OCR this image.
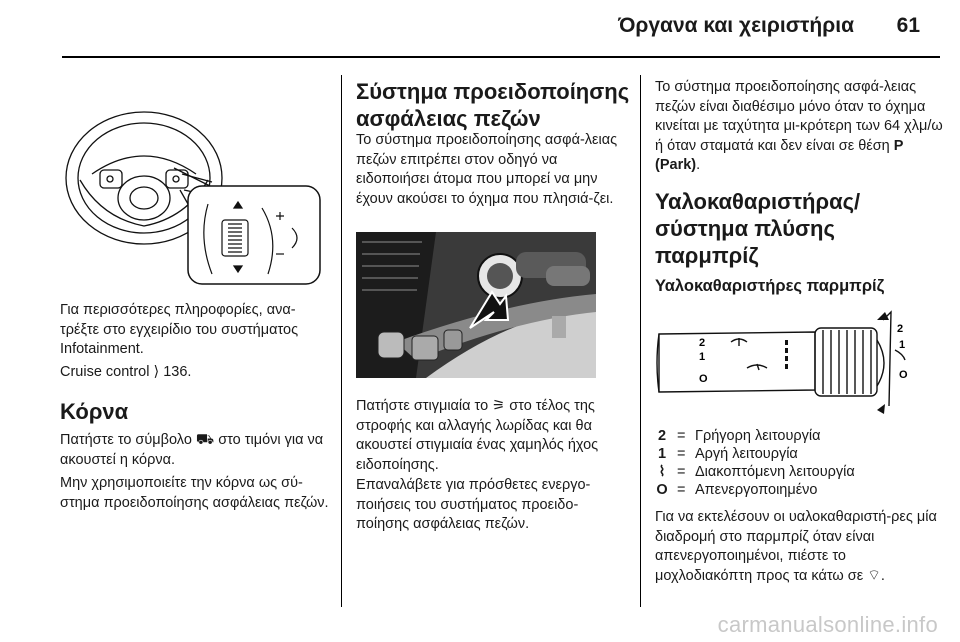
Όργανα και χειριστήρια 61

Για περισσότερες πληροφορίες, ανα-τρέξτε στο εγχειρίδιο του συστήματος Infotainment.

Cruise control ⟩ 136.

Κόρνα

Πατήστε το σύμβολο ⛟ στο τιμόνι για να ακουστεί η κόρνα.

Μην χρησιμοποιείτε την κόρνα ως σύ-στημα προειδοποίησης ασφάλειας πεζών.

Σύστημα προειδοποίησης ασφάλειας πεζών

Το σύστημα προειδοποίησης ασφά-λειας πεζών επιτρέπει στον οδηγό να ειδοποιήσει άτομα που μπορεί να μην έχουν ακούσει το όχημα που πλησιά-ζει.

Πατήστε στιγμιαία το ⚞ στο τέλος της στροφής και αλλαγής λωρίδας και θα ακουστεί στιγμιαία ένας χαμηλός ήχος ειδοποίησης.

Επαναλάβετε για πρόσθετες ενεργο-ποιήσεις του συστήματος προειδο-ποίησης ασφάλειας πεζών.

Το σύστημα προειδοποίησης ασφά-λειας πεζών είναι διαθέσιμο μόνο όταν το όχημα κινείται με ταχύτητα μι-κρότερη των 64 χλμ/ω ή όταν σταματά και δεν είναι σε θέση P (Park).

Υαλοκαθαριστήρας/ σύστημα πλύσης παρμπρίζ
Υαλοκαθαριστήρες παρμπρίζ
2
1
O
2
1
O
2 = Γρήγορη λειτουργία
1 = Αργή λειτουργία
⌇ = Διακοπτόμενη λειτουργία
O = Απενεργοποιημένο

Για να εκτελέσουν οι υαλοκαθαριστή-ρες μία διαδρομή στο παρμπρίζ όταν είναι απενεργοποιημένοι, πιέστε το μοχλοδιακόπτη προς τα κάτω σε ⌔.

carmanualsonline.info
